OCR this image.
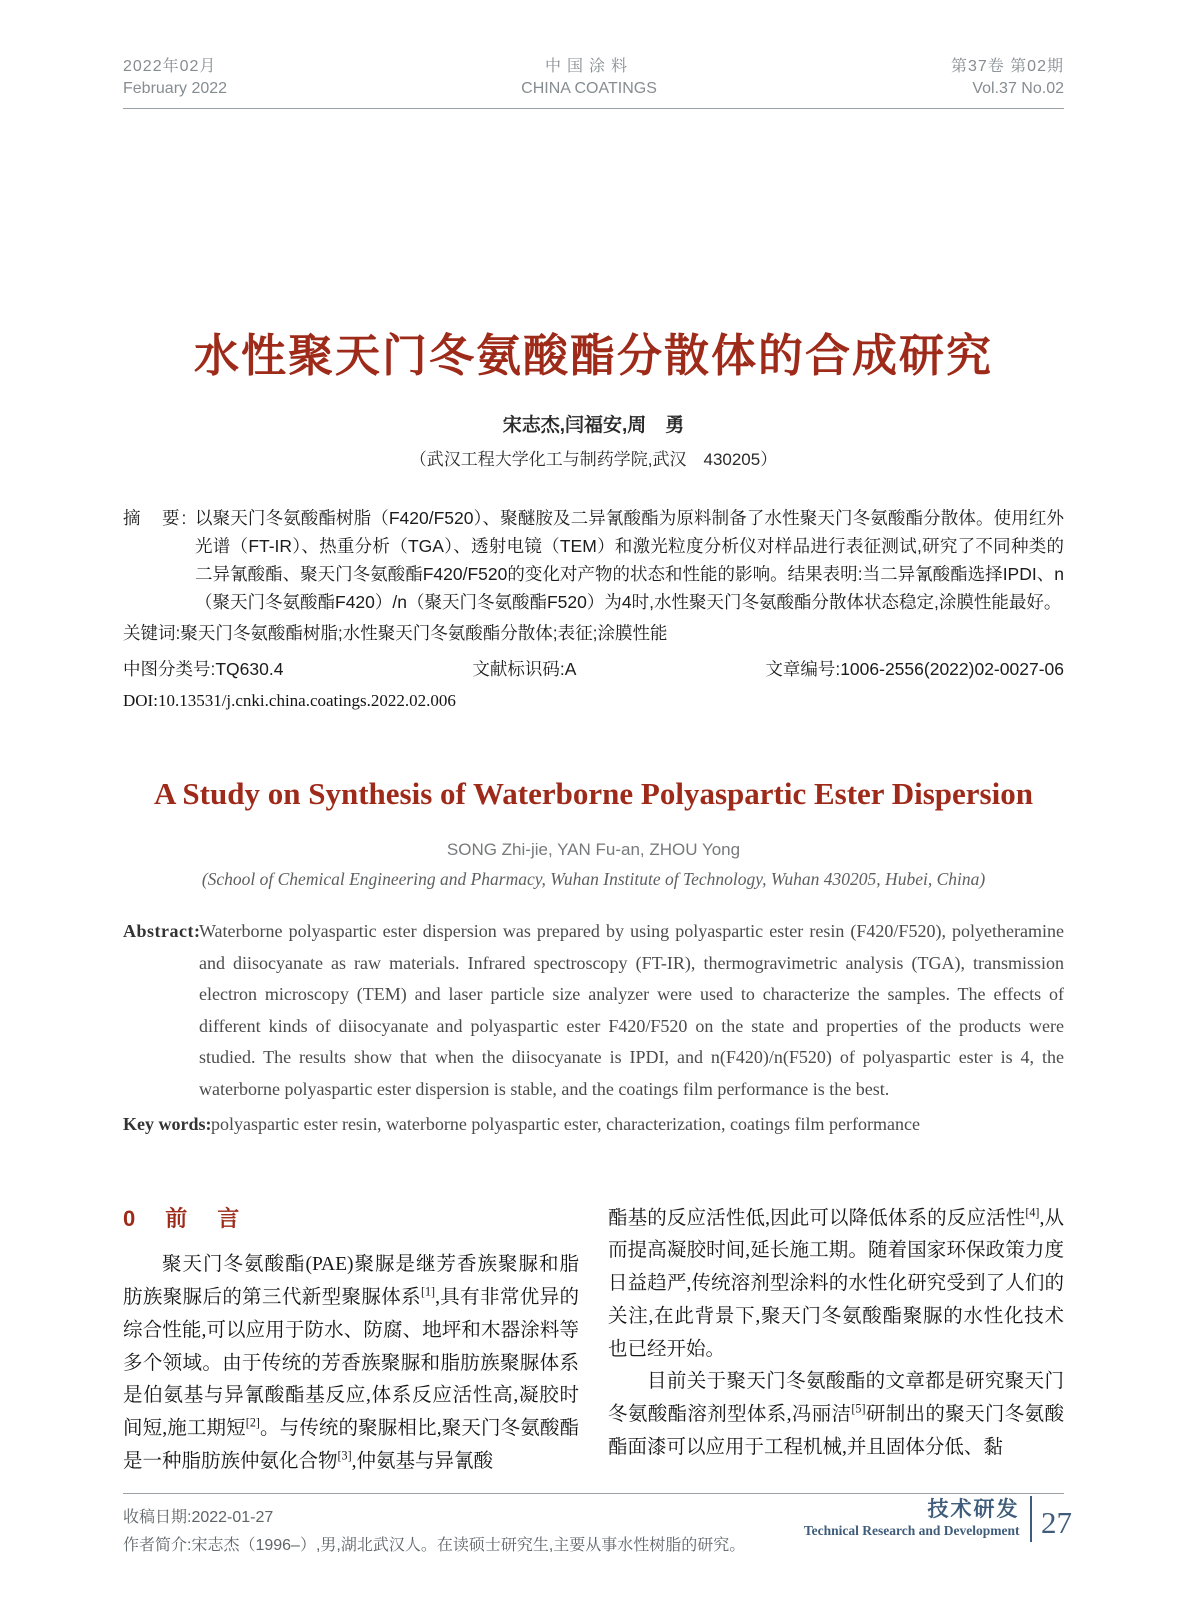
2022年02月
February 2022
中国涂料
CHINA COATINGS
第37卷 第02期
Vol.37 No.02
水性聚天门冬氨酸酯分散体的合成研究
宋志杰,闫福安,周　勇
（武汉工程大学化工与制药学院,武汉　430205）
摘　要: 以聚天门冬氨酸酯树脂（F420/F520）、聚醚胺及二异氰酸酯为原料制备了水性聚天门冬氨酸酯分散体。使用红外光谱（FT-IR）、热重分析（TGA）、透射电镜（TEM）和激光粒度分析仪对样品进行表征测试,研究了不同种类的二异氰酸酯、聚天门冬氨酸酯F420/F520的变化对产物的状态和性能的影响。结果表明:当二异氰酸酯选择IPDI、n（聚天门冬氨酸酯F420）/n（聚天门冬氨酸酯F520）为4时,水性聚天门冬氨酸酯分散体状态稳定,涂膜性能最好。
关键词: 聚天门冬氨酸酯树脂;水性聚天门冬氨酸酯分散体;表征;涂膜性能
中图分类号:TQ630.4	文献标识码:A	文章编号:1006-2556(2022)02-0027-06
DOI:10.13531/j.cnki.china.coatings.2022.02.006
A Study on Synthesis of Waterborne Polyaspartic Ester Dispersion
SONG Zhi-jie, YAN Fu-an, ZHOU Yong
(School of Chemical Engineering and Pharmacy, Wuhan Institute of Technology, Wuhan 430205, Hubei, China)
Abstract:
Waterborne polyaspartic ester dispersion was prepared by using polyaspartic ester resin (F420/F520), polyetheramine and diisocyanate as raw materials. Infrared spectroscopy (FT-IR), thermogravimetric analysis (TGA), transmission electron microscopy (TEM) and laser particle size analyzer were used to characterize the samples. The effects of different kinds of diisocyanate and polyaspartic ester F420/F520 on the state and properties of the products were studied. The results show that when the diisocyanate is IPDI, and n(F420)/n(F520) of polyaspartic ester is 4, the waterborne polyaspartic ester dispersion is stable, and the coatings film performance is the best.
Key words: polyaspartic ester resin, waterborne polyaspartic ester, characterization, coatings film performance
0　前　言

聚天门冬氨酸酯(PAE)聚脲是继芳香族聚脲和脂肪族聚脲后的第三代新型聚脲体系[1],具有非常优异的综合性能,可以应用于防水、防腐、地坪和木器涂料等多个领域。由于传统的芳香族聚脲和脂肪族聚脲体系是伯氨基与异氰酸酯基反应,体系反应活性高,凝胶时间短,施工期短[2]。与传统的聚脲相比,聚天门冬氨酸酯是一种脂肪族仲氨化合物[3],仲氨基与异氰酸

酯基的反应活性低,因此可以降低体系的反应活性[4],从而提高凝胶时间,延长施工期。随着国家环保政策力度日益趋严,传统溶剂型涂料的水性化研究受到了人们的关注,在此背景下,聚天门冬氨酸酯聚脲的水性化技术也已经开始。

目前关于聚天门冬氨酸酯的文章都是研究聚天门冬氨酸酯溶剂型体系,冯丽洁[5]研制出的聚天门冬氨酸酯面漆可以应用于工程机械,并且固体分低、黏

收稿日期:2022-01-27
作者简介:宋志杰（1996–）,男,湖北武汉人。在读硕士研究生,主要从事水性树脂的研究。
技术研发
Technical Research and Development 27
